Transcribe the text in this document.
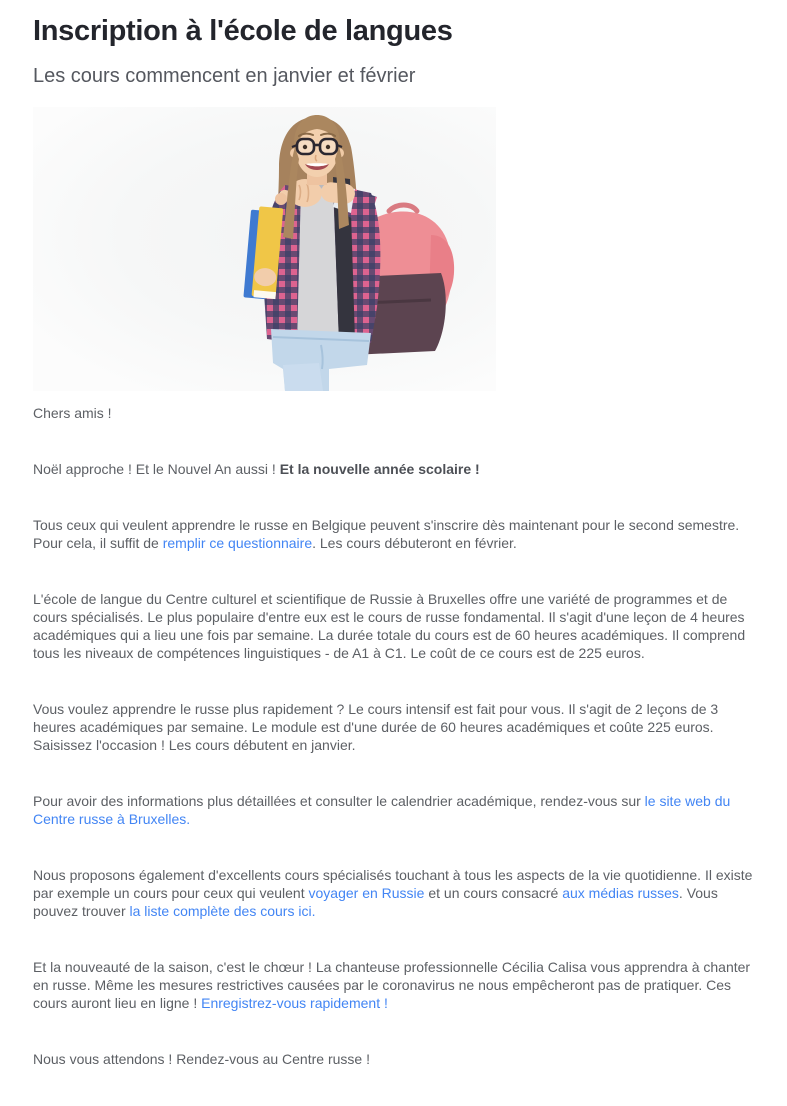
Inscription à l'école de langues
Les cours commencent en janvier et février

Chers amis !

Noël approche ! Et le Nouvel An aussi ! Et la nouvelle année scolaire !

Tous ceux qui veulent apprendre le russe en Belgique peuvent s'inscrire dès maintenant pour le second semestre. Pour cela, il suffit de remplir ce questionnaire. Les cours débuteront en février.

L'école de langue du Centre culturel et scientifique de Russie à Bruxelles offre une variété de programmes et de cours spécialisés. Le plus populaire d'entre eux est le cours de russe fondamental. Il s'agit d'une leçon de 4 heures académiques qui a lieu une fois par semaine. La durée totale du cours est de 60 heures académiques. Il comprend tous les niveaux de compétences linguistiques - de A1 à C1. Le coût de ce cours est de 225 euros.

Vous voulez apprendre le russe plus rapidement ? Le cours intensif est fait pour vous. Il s'agit de 2 leçons de 3 heures académiques par semaine. Le module est d'une durée de 60 heures académiques et coûte 225 euros. Saisissez l'occasion ! Les cours débutent en janvier.

Pour avoir des informations plus détaillées et consulter le calendrier académique, rendez-vous sur le site web du Centre russe à Bruxelles.

Nous proposons également d'excellents cours spécialisés touchant à tous les aspects de la vie quotidienne. Il existe par exemple un cours pour ceux qui veulent voyager en Russie et un cours consacré aux médias russes. Vous pouvez trouver la liste complète des cours ici.

Et la nouveauté de la saison, c'est le chœur ! La chanteuse professionnelle Cécilia Calisa vous apprendra à chanter en russe. Même les mesures restrictives causées par le coronavirus ne nous empêcheront pas de pratiquer. Ces cours auront lieu en ligne ! Enregistrez-vous rapidement !

Nous vous attendons ! Rendez-vous au Centre russe !
